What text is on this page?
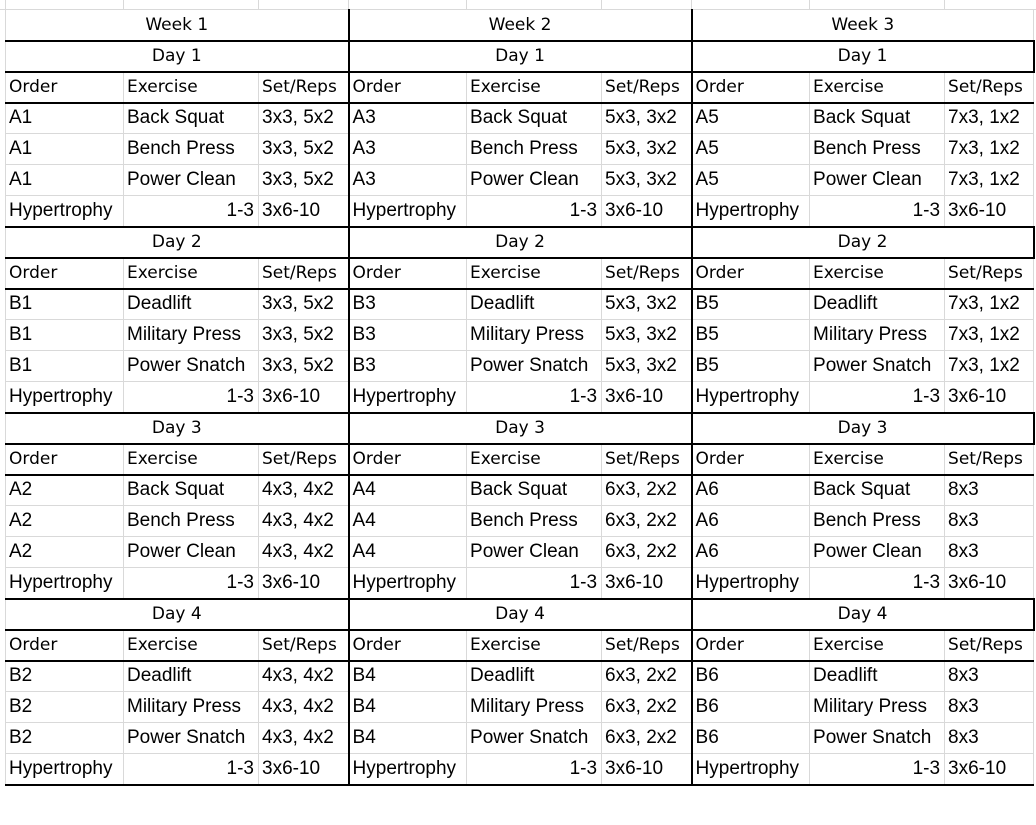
Week 1			Week 2			Week 3		
Day 1			Day 1			Day 1		
Order	Exercise	Set/Reps	Order	Exercise	Set/Reps	Order	Exercise	Set/Reps
A1	Back Squat	3x3, 5x2	A3	Back Squat	5x3, 3x2	A5	Back Squat	7x3, 1x2
A1	Bench Press	3x3, 5x2	A3	Bench Press	5x3, 3x2	A5	Bench Press	7x3, 1x2
A1	Power Clean	3x3, 5x2	A3	Power Clean	5x3, 3x2	A5	Power Clean	7x3, 1x2
Hypertrophy	1-3	3x6-10	Hypertrophy	1-3	3x6-10	Hypertrophy	1-3	3x6-10
Day 2			Day 2			Day 2		
Order	Exercise	Set/Reps	Order	Exercise	Set/Reps	Order	Exercise	Set/Reps
B1	Deadlift	3x3, 5x2	B3	Deadlift	5x3, 3x2	B5	Deadlift	7x3, 1x2
B1	Military Press	3x3, 5x2	B3	Military Press	5x3, 3x2	B5	Military Press	7x3, 1x2
B1	Power Snatch	3x3, 5x2	B3	Power Snatch	5x3, 3x2	B5	Power Snatch	7x3, 1x2
Hypertrophy	1-3	3x6-10	Hypertrophy	1-3	3x6-10	Hypertrophy	1-3	3x6-10
Day 3			Day 3			Day 3		
Order	Exercise	Set/Reps	Order	Exercise	Set/Reps	Order	Exercise	Set/Reps
A2	Back Squat	4x3, 4x2	A4	Back Squat	6x3, 2x2	A6	Back Squat	8x3
A2	Bench Press	4x3, 4x2	A4	Bench Press	6x3, 2x2	A6	Bench Press	8x3
A2	Power Clean	4x3, 4x2	A4	Power Clean	6x3, 2x2	A6	Power Clean	8x3
Hypertrophy	1-3	3x6-10	Hypertrophy	1-3	3x6-10	Hypertrophy	1-3	3x6-10
Day 4			Day 4			Day 4		
Order	Exercise	Set/Reps	Order	Exercise	Set/Reps	Order	Exercise	Set/Reps
B2	Deadlift	4x3, 4x2	B4	Deadlift	6x3, 2x2	B6	Deadlift	8x3
B2	Military Press	4x3, 4x2	B4	Military Press	6x3, 2x2	B6	Military Press	8x3
B2	Power Snatch	4x3, 4x2	B4	Power Snatch	6x3, 2x2	B6	Power Snatch	8x3
Hypertrophy	1-3	3x6-10	Hypertrophy	1-3	3x6-10	Hypertrophy	1-3	3x6-10
